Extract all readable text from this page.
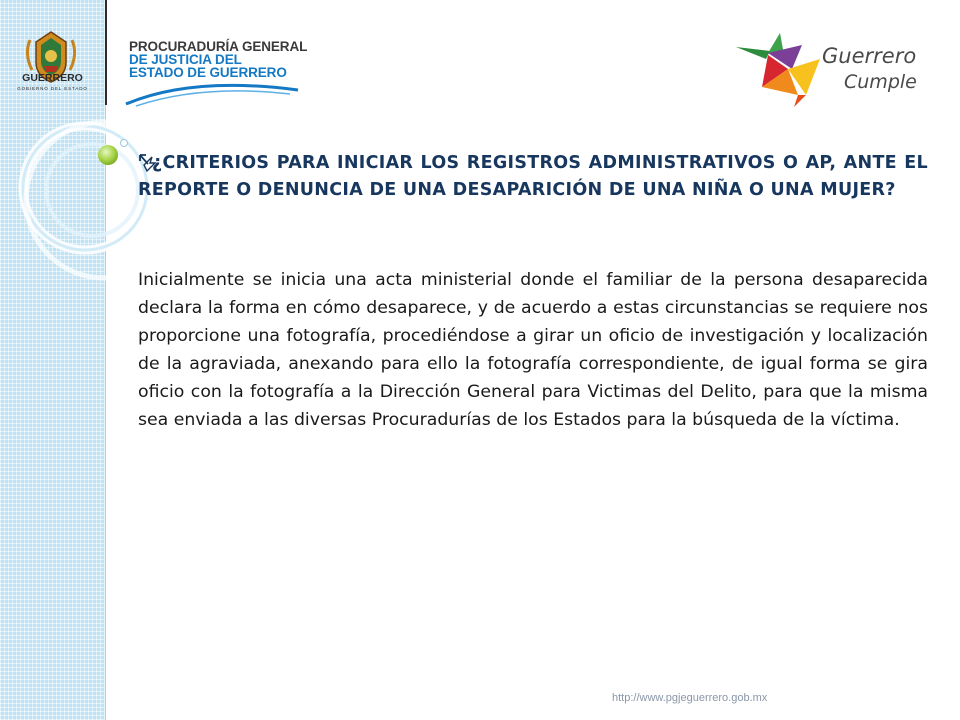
GUERRERO
GOBIERNO DEL ESTADO
PROCURADURÍA GENERAL
DE JUSTICIA DEL
ESTADO DE GUERRERO
Guerrero
Cumple
¿CRITERIOS PARA INICIAR LOS REGISTROS ADMINISTRATIVOS O AP, ANTE EL REPORTE O DENUNCIA DE UNA DESAPARICIÓN DE UNA NIÑA O UNA MUJER?

Inicialmente se inicia una acta ministerial donde el familiar de la persona desaparecida declara la forma en cómo desaparece, y de acuerdo a estas circunstancias se requiere nos proporcione una fotografía, procediéndose a girar un oficio de investigación y localización de la agraviada, anexando para ello la fotografía correspondiente, de igual forma se gira oficio con la fotografía a la Dirección General para Victimas del Delito, para que la misma sea enviada a las diversas Procuradurías de los Estados para la búsqueda de la víctima.

http://www.pgjeguerrero.gob.mx
